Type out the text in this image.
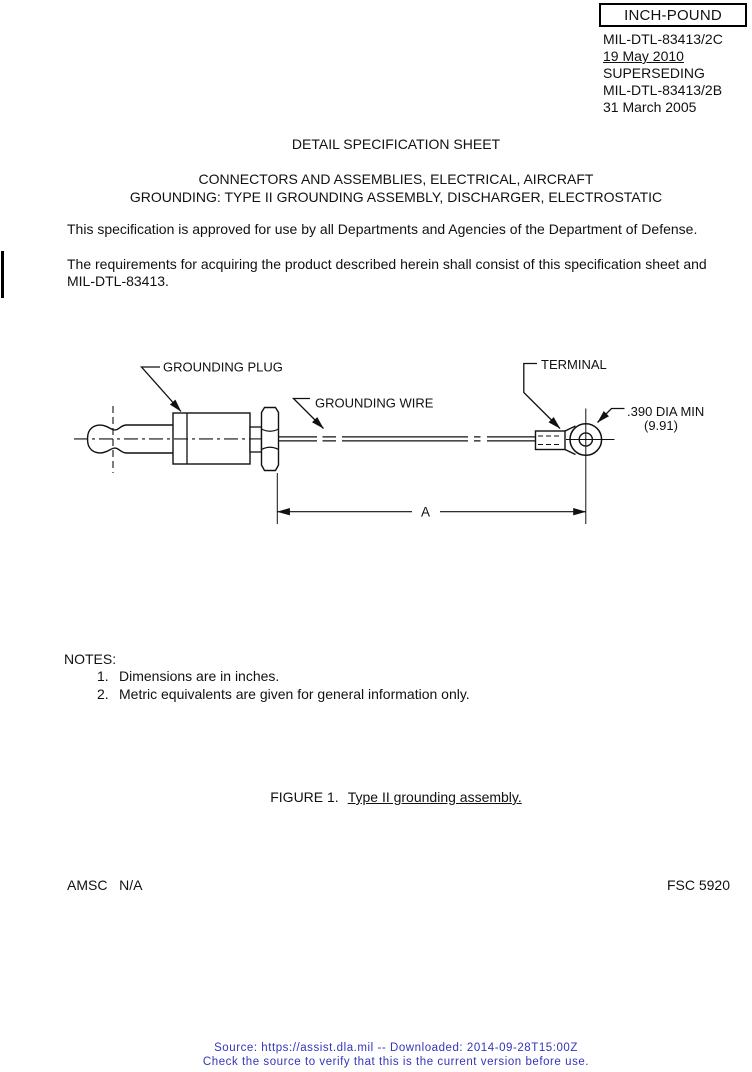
INCH-POUND
MIL-DTL-83413/2C
19 May 2010
SUPERSEDING
MIL-DTL-83413/2B
31 March 2005
DETAIL SPECIFICATION SHEET
CONNECTORS AND ASSEMBLIES, ELECTRICAL, AIRCRAFT
GROUNDING: TYPE II GROUNDING ASSEMBLY, DISCHARGER, ELECTROSTATIC
This specification is approved for use by all Departments and Agencies of the Department of Defense.
The requirements for acquiring the product described herein shall consist of this specification sheet and
MIL-DTL-83413.
A
GROUNDING PLUG
GROUNDING WIRE
TERMINAL
.390 DIA MIN
(9.91)
NOTES:
1. Dimensions are in inches.
2. Metric equivalents are given for general information only.
FIGURE 1. Type II grounding assembly.
AMSC   N/A	FSC 5920
Source: https://assist.dla.mil -- Downloaded: 2014-09-28T15:00Z
Check the source to verify that this is the current version before use.
